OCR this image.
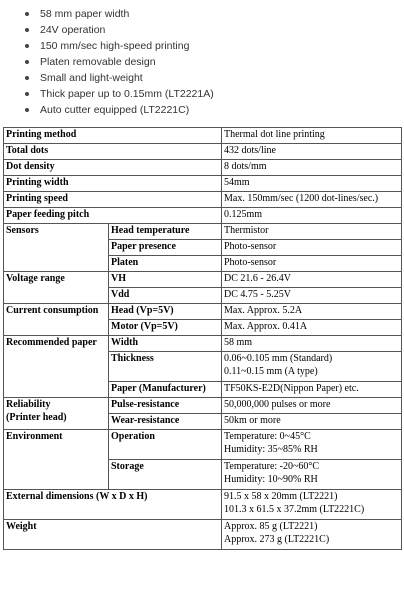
58 mm paper width
24V operation
150 mm/sec high-speed printing
Platen removable design
Small and light-weight
Thick paper up to 0.15mm (LT2221A)
Auto cutter equipped (LT2221C)
Printing method		Thermal dot line printing
Total dots		432 dots/line
Dot density		8 dots/mm
Printing width		54mm
Printing speed		Max. 150mm/sec (1200 dot-lines/sec.)
Paper feeding pitch		0.125mm
Sensors	Head temperature	Thermistor
	Paper presence	Photo-sensor
	Platen	Photo-sensor
Voltage range	VH	DC 21.6 - 26.4V
	Vdd	DC 4.75 - 5.25V
Current consumption	Head (Vp=5V)	Max. Approx. 5.2A
	Motor (Vp=5V)	Max. Approx. 0.41A
Recommended paper	Width	58 mm
	Thickness	0.06~0.105 mm (Standard)
0.11~0.15 mm (A type)

	Paper (Manufacturer)	TF50KS-E2D(Nippon Paper) etc.

Reliability
(Printer head)	Pulse-resistance	50,000,000 pulses or more
	Wear-resistance	50km or more
Environment	Operation	Temperature: 0~45°C
Humidity: 35~85% RH

	Storage	Temperature: -20~60°C
Humidity: 10~90% RH

External dimensions (W x D x H)		91.5 x 58 x 20mm (LT2221)
101.3 x 61.5 x 37.2mm (LT2221C)

Weight		Approx. 85 g (LT2221)
Approx. 273 g (LT2221C)
